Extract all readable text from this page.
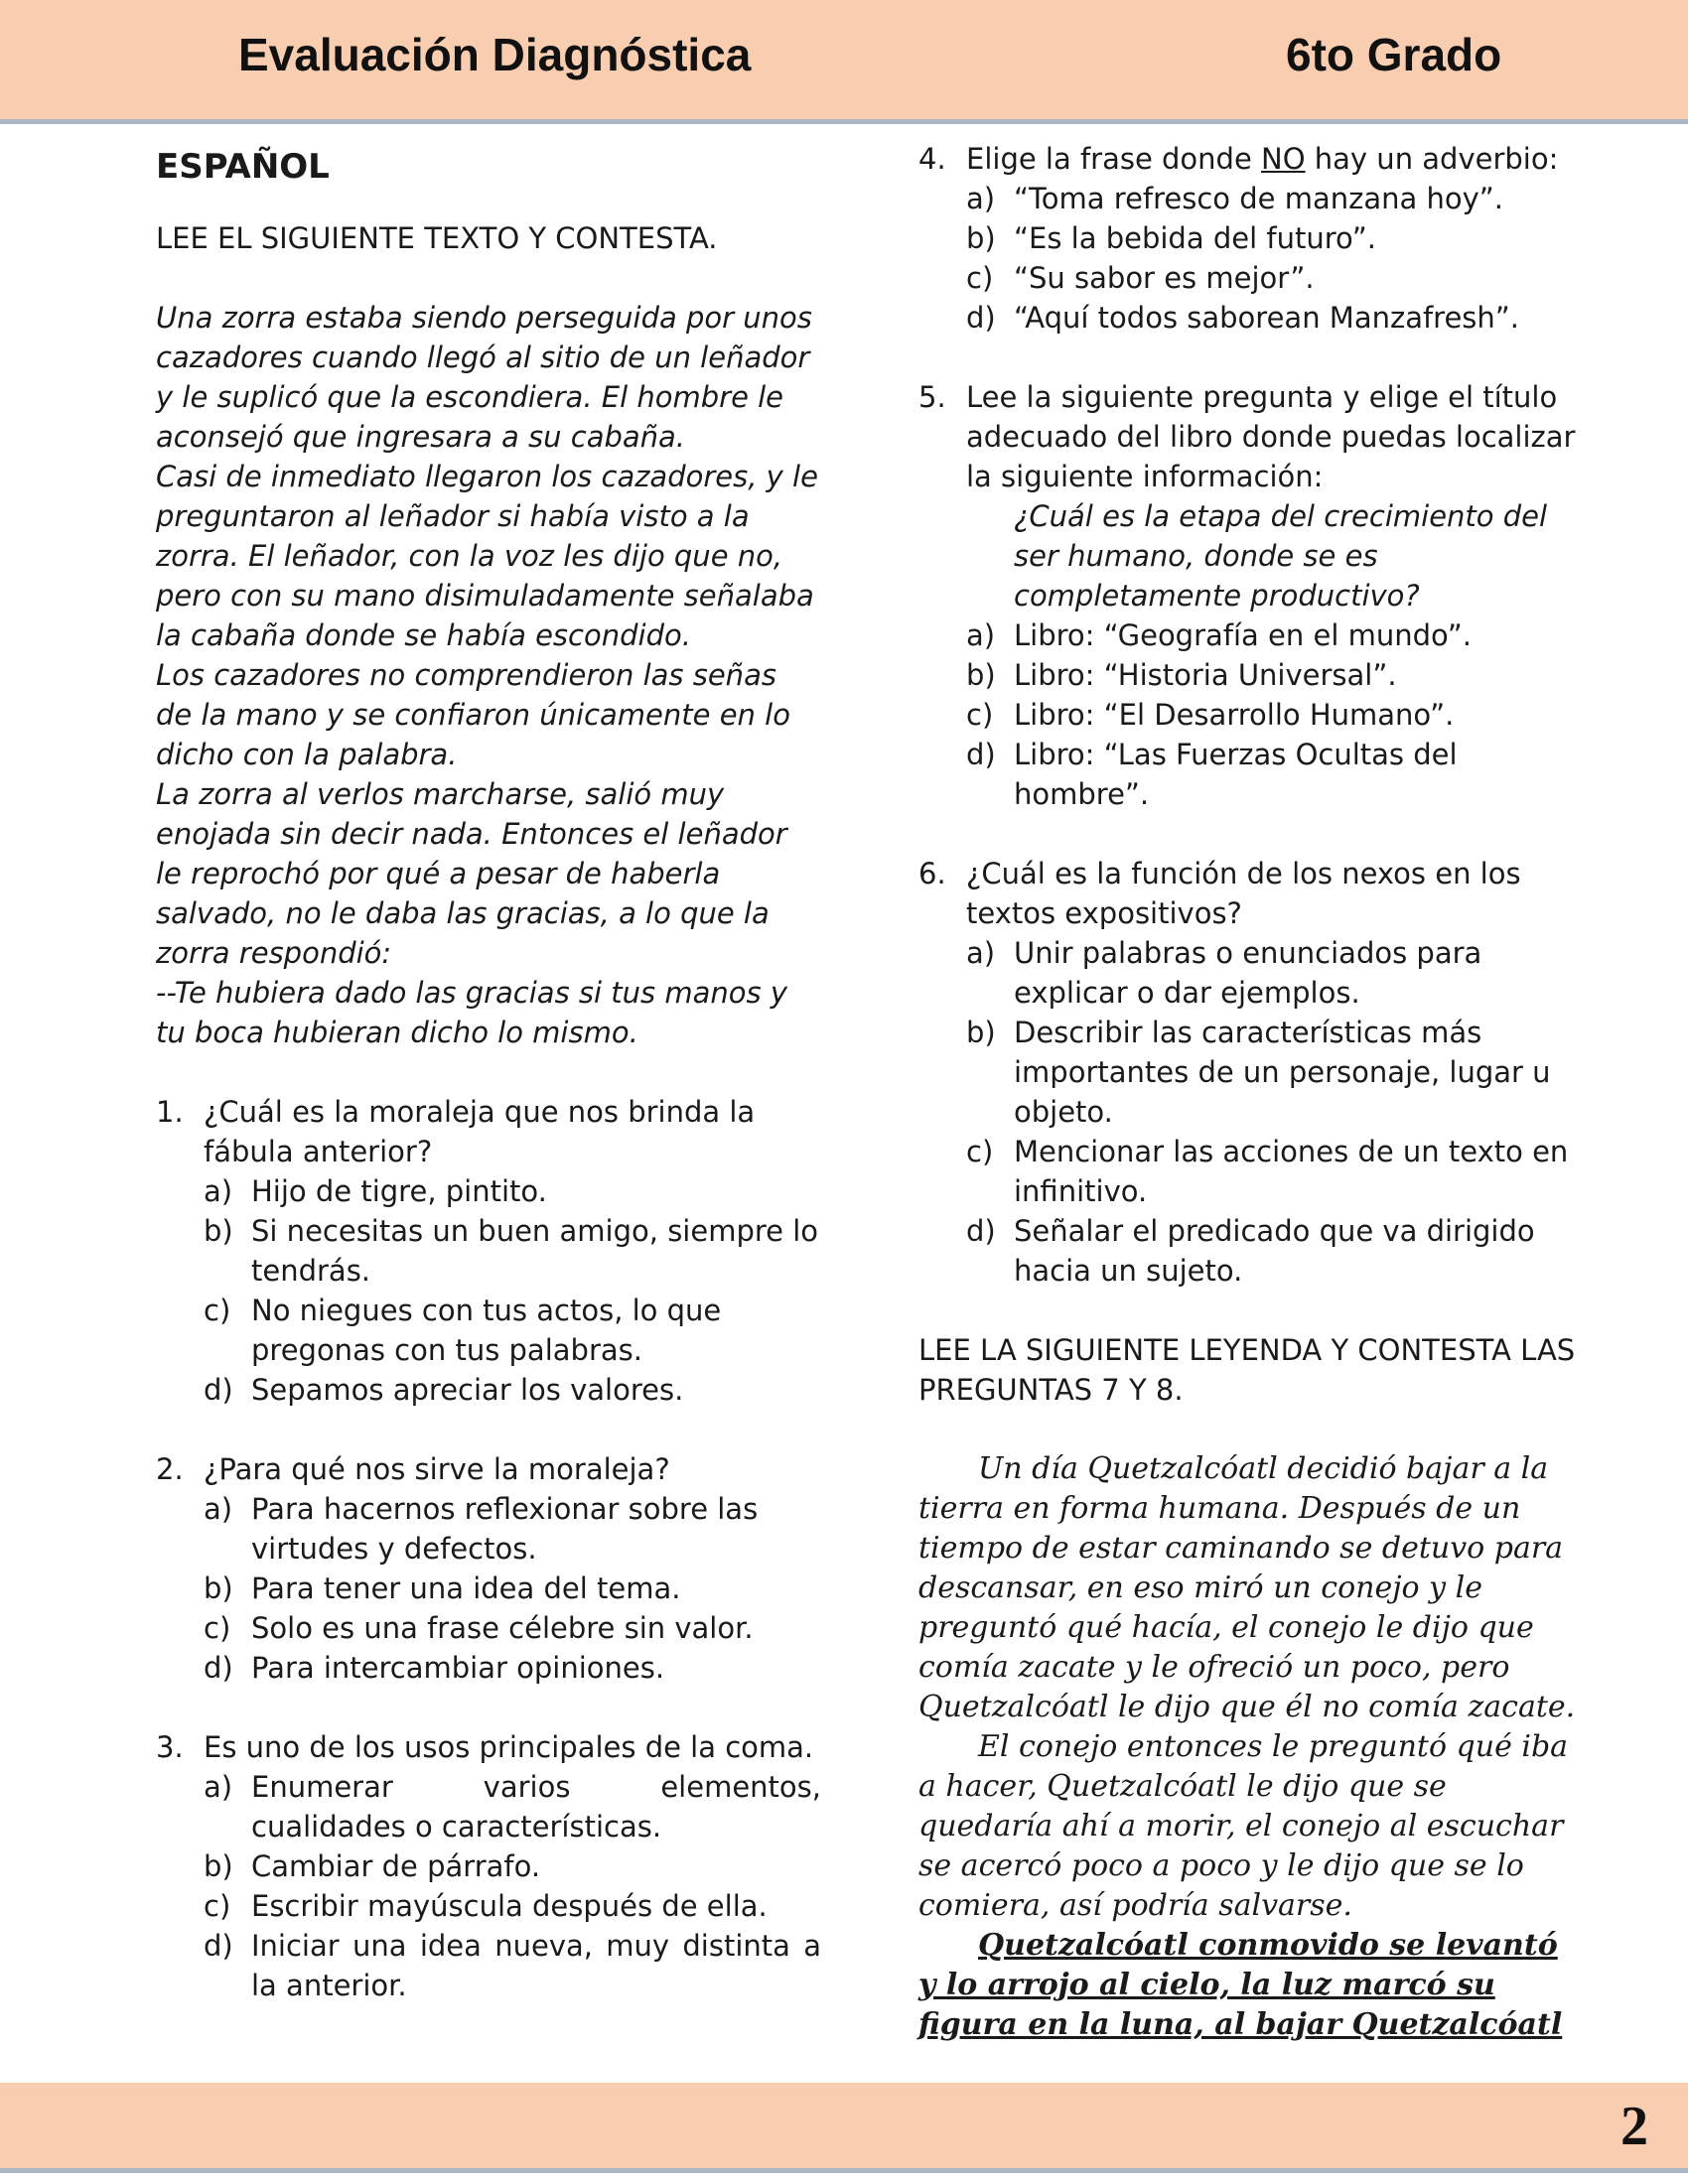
Evaluación Diagnóstica	6to Grado
ESPAÑOL
LEE EL SIGUIENTE TEXTO Y CONTESTA.

Una zorra estaba siendo perseguida por unos cazadores cuando llegó al sitio de un leñador y le suplicó que la escondiera. El hombre le aconsejó que ingresara a su cabaña.

Casi de inmediato llegaron los cazadores, y le preguntaron al leñador si había visto a la zorra. El leñador, con la voz les dijo que no, pero con su mano disimuladamente señalaba la cabaña donde se había escondido.

Los cazadores no comprendieron las señas de la mano y se confiaron únicamente en lo dicho con la palabra.

La zorra al verlos marcharse, salió muy enojada sin decir nada. Entonces el leñador le reprochó por qué a pesar de haberla salvado, no le daba las gracias, a lo que la zorra respondió:

--Te hubiera dado las gracias si tus manos y tu boca hubieran dicho lo mismo.

1. ¿Cuál es la moraleja que nos brinda la fábula anterior?
a) Hijo de tigre, pintito.
b) Si necesitas un buen amigo, siempre lo tendrás.
c) No niegues con tus actos, lo que pregonas con tus palabras.
d) Sepamos apreciar los valores.
2. ¿Para qué nos sirve la moraleja?
a) Para hacernos reflexionar sobre las virtudes y defectos.
b) Para tener una idea del tema.
c) Solo es una frase célebre sin valor.
d) Para intercambiar opiniones.
3. Es uno de los usos principales de la coma.
a) Enumerar varios elementos, cualidades o características.
b) Cambiar de párrafo.
c) Escribir mayúscula después de ella.
d) Iniciar una idea nueva, muy distinta a la anterior.
4. Elige la frase donde NO hay un adverbio:
a) “Toma refresco de manzana hoy”.
b) “Es la bebida del futuro”.
c) “Su sabor es mejor”.
d) “Aquí todos saborean Manzafresh”.
5. Lee la siguiente pregunta y elige el título adecuado del libro donde puedas localizar la siguiente información:
¿Cuál es la etapa del crecimiento del ser humano, donde se es completamente productivo?
a) Libro: “Geografía en el mundo”.
b) Libro: “Historia Universal”.
c) Libro: “El Desarrollo Humano”.
d) Libro: “Las Fuerzas Ocultas del hombre”.
6. ¿Cuál es la función de los nexos en los textos expositivos?
a) Unir palabras o enunciados para explicar o dar ejemplos.
b) Describir las características más importantes de un personaje, lugar u objeto.
c) Mencionar las acciones de un texto en infinitivo.
d) Señalar el predicado que va dirigido hacia un sujeto.
LEE LA SIGUIENTE LEYENDA Y CONTESTA LAS PREGUNTAS 7 Y 8.

Un día Quetzalcóatl decidió bajar a la tierra en forma humana. Después de un tiempo de estar caminando se detuvo para descansar, en eso miró un conejo y le preguntó qué hacía, el conejo le dijo que comía zacate y le ofreció un poco, pero Quetzalcóatl le dijo que él no comía zacate.

El conejo entonces le preguntó qué iba a hacer, Quetzalcóatl le dijo que se quedaría ahí a morir, el conejo al escuchar se acercó poco a poco y le dijo que se lo comiera, así podría salvarse.

Quetzalcóatl conmovido se levantó y lo arrojo al cielo, la luz marcó su figura en la luna, al bajar Quetzalcóatl

2
